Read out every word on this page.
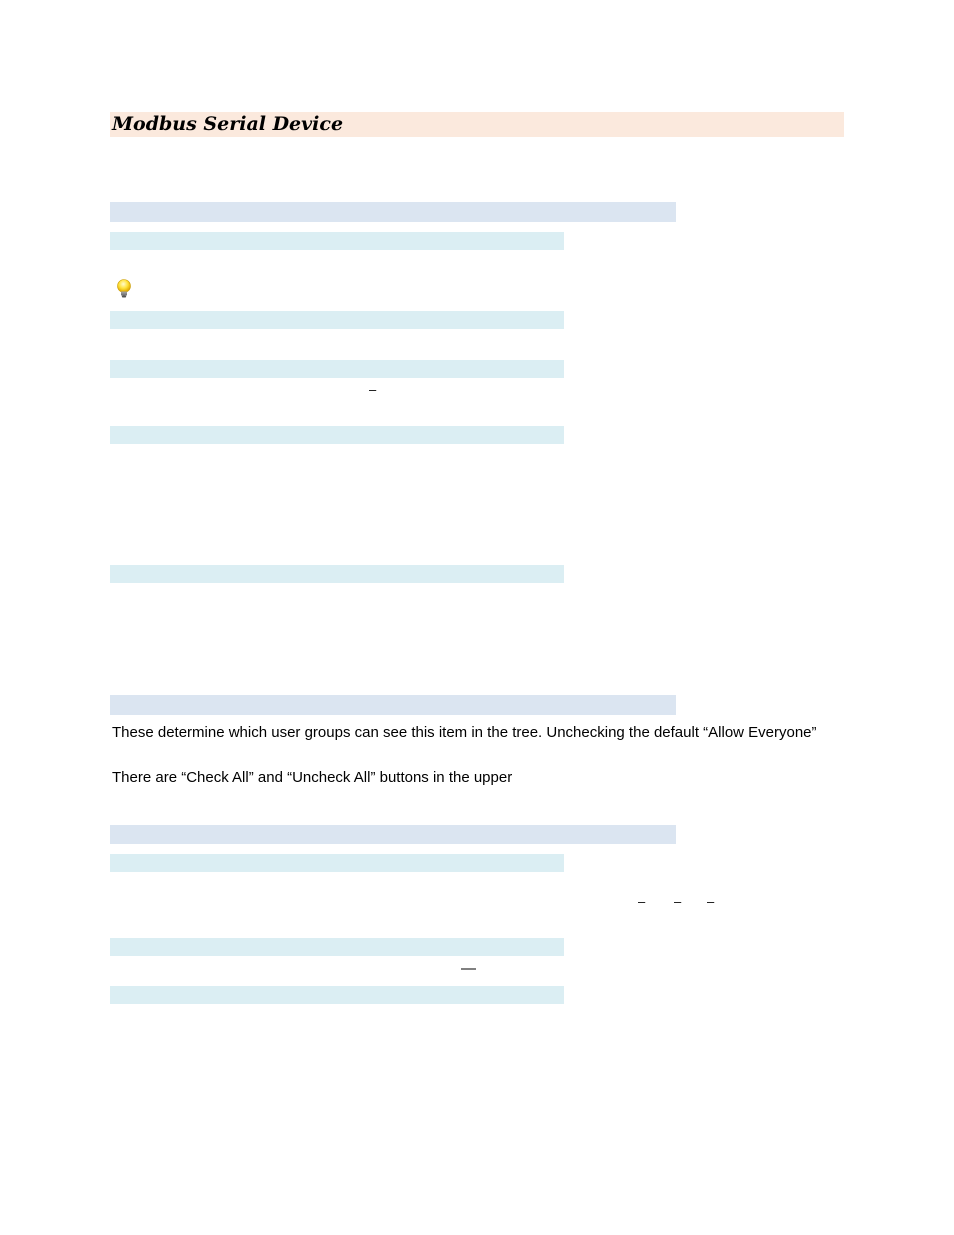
Modbus Serial Device
–
These determine which user groups can see this item in the tree. Unchecking the default “Allow Everyone”
There are “Check All” and “Uncheck All” buttons in the upper
– – –
—
